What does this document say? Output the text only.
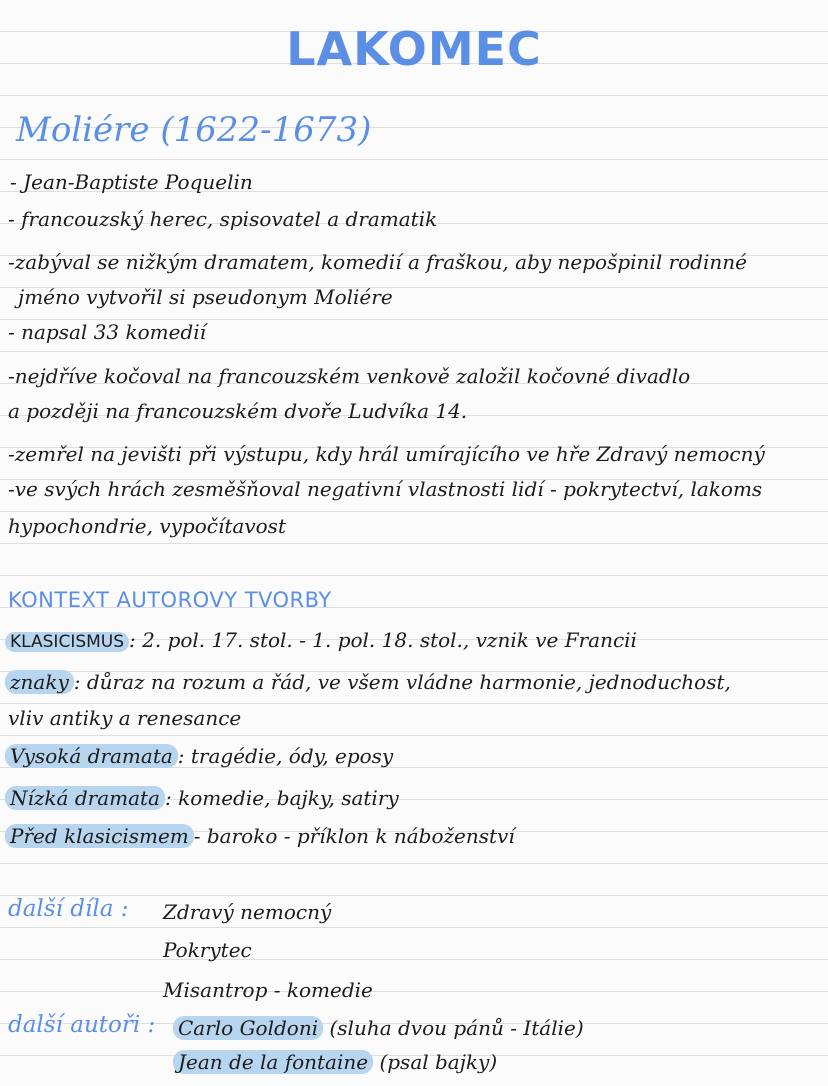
LAKOMEC
Moliére (1622-1673)
- Jean-Baptiste Poquelin
- francouzský herec, spisovatel a dramatik
-zabýval se nižkým dramatem, komedií a fraškou, aby nepošpinil rodinné
jméno vytvořil si pseudonym Moliére
- napsal 33 komedií
-nejdříve kočoval na francouzském venkově založil kočovné divadlo
a později na francouzském dvoře Ludvíka 14.
-zemřel na jevišti při výstupu, kdy hrál umírajícího ve hře Zdravý nemocný
-ve svých hrách zesměšňoval negativní vlastnosti lidí - pokrytectví, lakoms
hypochondrie, vypočítavost
KONTEXT AUTOROVY TVORBY
KLASICISMUS : 2. pol. 17. stol. - 1. pol. 18. stol., vznik ve Francii
znaky : důraz na rozum a řád, ve všem vládne harmonie, jednoduchost,
vliv antiky a renesance
Vysoká dramata : tragédie, ódy, eposy
Nízká dramata : komedie, bajky, satiry
Před klasicismem - baroko - příklon k náboženství
další díla : Zdravý nemocný
Pokrytec
Misantrop - komedie
další autoři : Carlo Goldoni (sluha dvou pánů - Itálie)
Jean de la fontaine (psal bajky)
